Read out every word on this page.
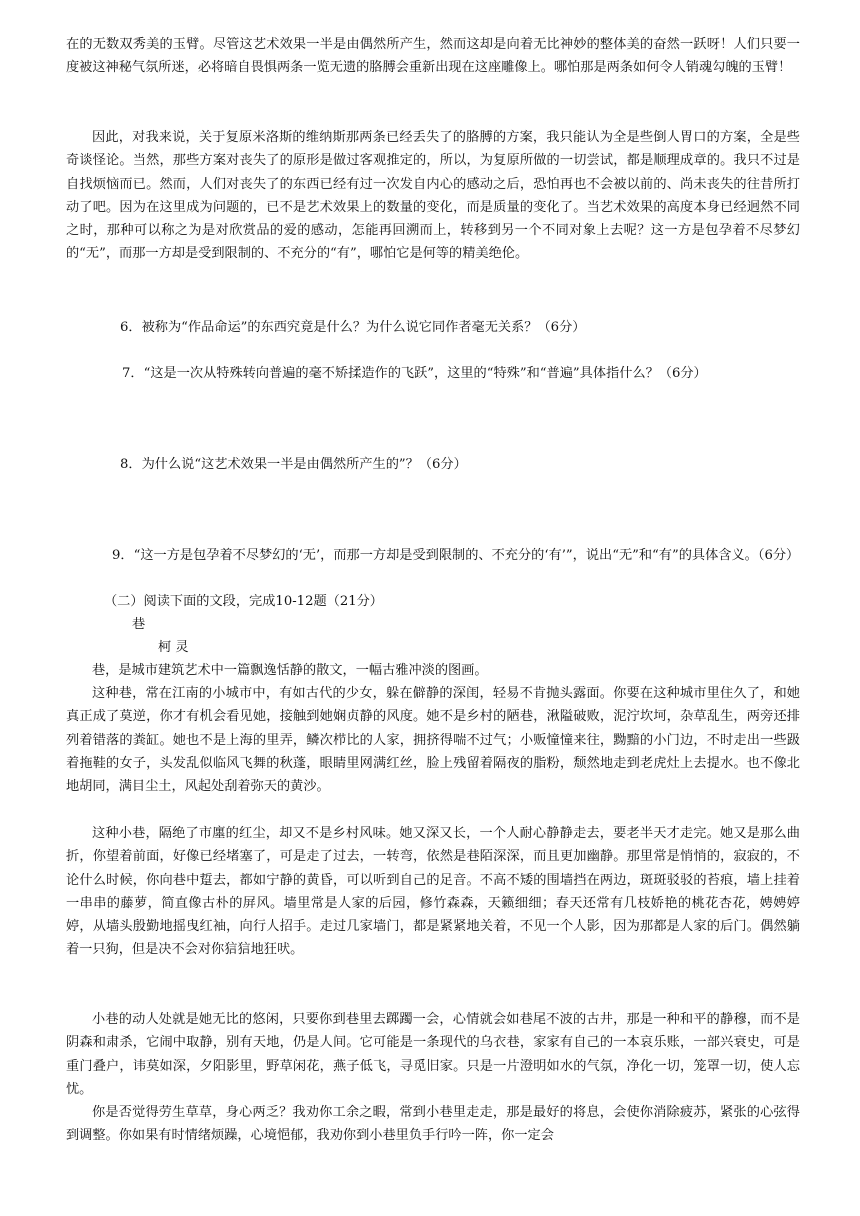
在的无数双秀美的玉臂。尽管这艺术效果一半是由偶然所产生，然而这却是向着无比神妙的整体美的奋然一跃呀！人们只要一度被这神秘气氛所迷，必将暗自畏惧两条一览无遗的胳膊会重新出现在这座雕像上。哪怕那是两条如何令人销魂勾魄的玉臂！

因此，对我来说，关于复原米洛斯的维纳斯那两条已经丢失了的胳膊的方案，我只能认为全是些倒人胃口的方案，全是些奇谈怪论。当然，那些方案对丧失了的原形是做过客观推定的，所以，为复原所做的一切尝试，都是顺理成章的。我只不过是自找烦恼而已。然而，人们对丧失了的东西已经有过一次发自内心的感动之后，恐怕再也不会被以前的、尚未丧失的往昔所打动了吧。因为在这里成为问题的，已不是艺术效果上的数量的变化，而是质量的变化了。当艺术效果的高度本身已经迥然不同之时，那种可以称之为是对欣赏品的爱的感动，怎能再回溯而上，转移到另一个不同对象上去呢？这一方是包孕着不尽梦幻的“无”，而那一方却是受到限制的、不充分的“有”，哪怕它是何等的精美绝伦。

6．被称为“作品命运”的东西究竟是什么？为什么说它同作者毫无关系？（6分）

7．“这是一次从特殊转向普遍的毫不矫揉造作的飞跃”，这里的“特殊”和“普遍”具体指什么？（6分）

8．为什么说“这艺术效果一半是由偶然所产生的”？（6分）

9．“这一方是包孕着不尽梦幻的‘无’，而那一方却是受到限制的、不充分的‘有’”，说出“无”和“有”的具体含义。（6分）

（二）阅读下面的文段，完成10-12题（21分）

巷

柯 灵

巷，是城市建筑艺术中一篇飘逸恬静的散文，一幅古雅冲淡的图画。

这种巷，常在江南的小城市中，有如古代的少女，躲在僻静的深闺，轻易不肯抛头露面。你要在这种城市里住久了，和她真正成了莫逆，你才有机会看见她，接触到她娴贞静的风度。她不是乡村的陋巷，湫隘破败，泥泞坎坷，杂草乱生，两旁还排列着错落的粪缸。她也不是上海的里弄，鳞次栉比的人家，拥挤得喘不过气；小贩憧憧来往，黝黯的小门边，不时走出一些趿着拖鞋的女子，头发乱似临风飞舞的秋蓬，眼睛里网满红丝，脸上残留着隔夜的脂粉，颓然地走到老虎灶上去提水。也不像北地胡同，满目尘土，风起处刮着弥天的黄沙。

这种小巷，隔绝了市廛的红尘，却又不是乡村风味。她又深又长，一个人耐心静静走去，要老半天才走完。她又是那么曲折，你望着前面，好像已经堵塞了，可是走了过去，一转弯，依然是巷陌深深，而且更加幽静。那里常是悄悄的，寂寂的，不论什么时候，你向巷中踅去，都如宁静的黄昏，可以听到自己的足音。不高不矮的围墙挡在两边，斑斑驳驳的苔痕，墙上挂着一串串的藤萝，简直像古朴的屏风。墙里常是人家的后园，修竹森森，天籁细细；春天还常有几枝娇艳的桃花杏花，娉娉婷婷，从墙头殷勤地摇曳红袖，向行人招手。走过几家墙门，都是紧紧地关着，不见一个人影，因为那都是人家的后门。偶然躺着一只狗，但是决不会对你狺狺地狂吠。

小巷的动人处就是她无比的悠闲，只要你到巷里去踯躅一会，心情就会如巷尾不波的古井，那是一种和平的静穆，而不是阴森和肃杀，它闹中取静，别有天地，仍是人间。它可能是一条现代的乌衣巷，家家有自己的一本哀乐账，一部兴衰史，可是重门叠户，讳莫如深，夕阳影里，野草闲花，燕子低飞，寻觅旧家。只是一片澄明如水的气氛，净化一切，笼罩一切，使人忘忧。

你是否觉得劳生草草，身心两乏？我劝你工余之暇，常到小巷里走走，那是最好的将息，会使你消除疲苏，紧张的心弦得到调整。你如果有时情绪烦躁，心境悒郁，我劝你到小巷里负手行吟一阵，你一定会
